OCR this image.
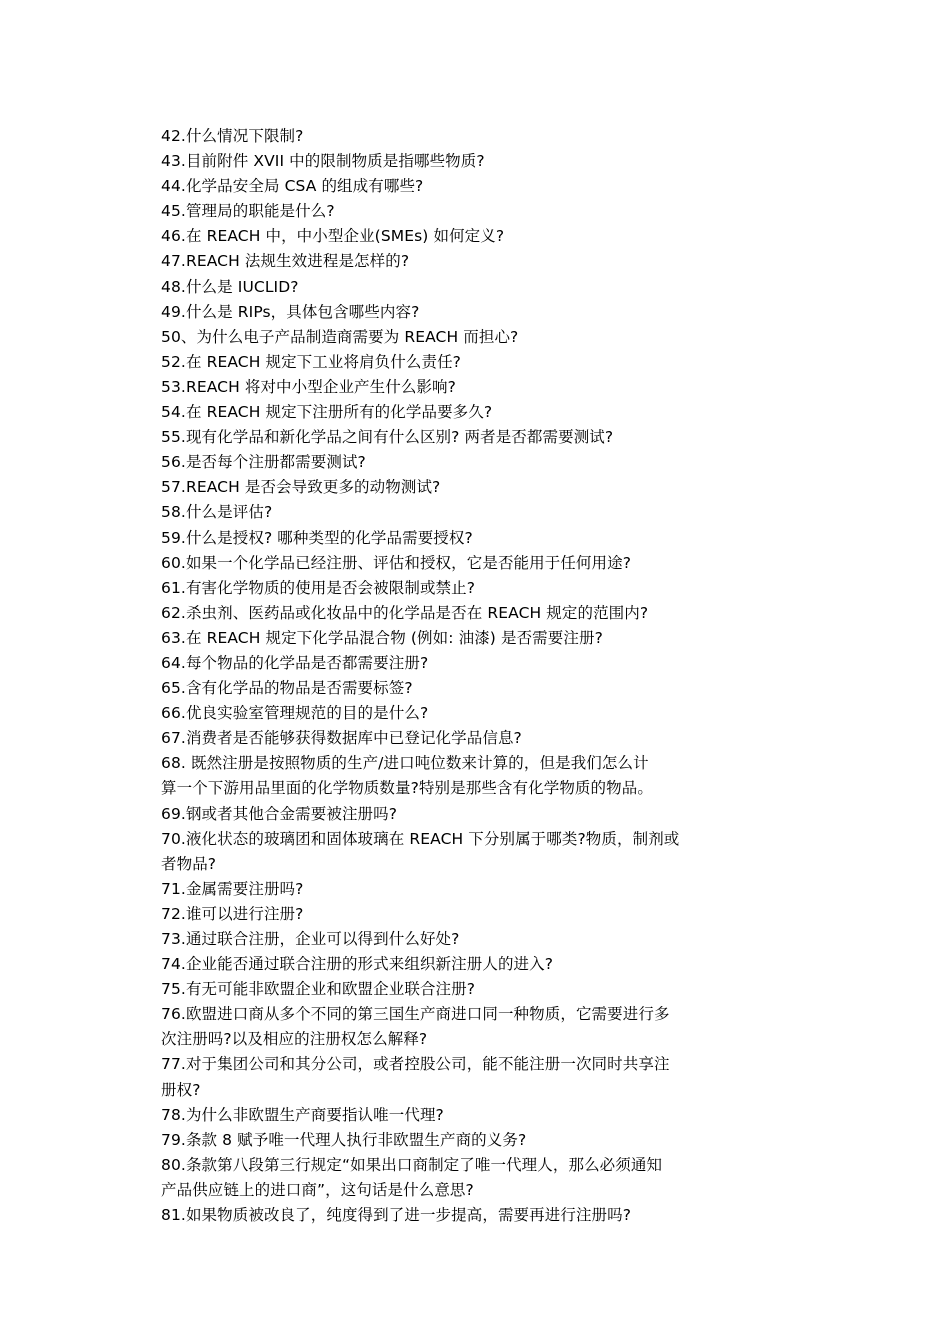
42.什么情况下限制?
43.目前附件 XVII 中的限制物质是指哪些物质?
44.化学品安全局 CSA 的组成有哪些?
45.管理局的职能是什么?
46.在 REACH 中，中小型企业(SMEs) 如何定义?
47.REACH 法规生效进程是怎样的?
48.什么是 IUCLID?
49.什么是 RIPs，具体包含哪些内容?
50、为什么电子产品制造商需要为 REACH 而担心?
52.在 REACH 规定下工业将肩负什么责任?
53.REACH 将对中小型企业产生什么影响?
54.在 REACH 规定下注册所有的化学品要多久?
55.现有化学品和新化学品之间有什么区别? 两者是否都需要测试?
56.是否每个注册都需要测试?
57.REACH 是否会导致更多的动物测试?
58.什么是评估?
59.什么是授权? 哪种类型的化学品需要授权?
60.如果一个化学品已经注册、评估和授权，它是否能用于任何用途?
61.有害化学物质的使用是否会被限制或禁止?
62.杀虫剂、医药品或化妆品中的化学品是否在 REACH 规定的范围内?
63.在 REACH 规定下化学品混合物 (例如: 油漆) 是否需要注册?
64.每个物品的化学品是否都需要注册?
65.含有化学品的物品是否需要标签?
66.优良实验室管理规范的目的是什么?
67.消费者是否能够获得数据库中已登记化学品信息?
68. 既然注册是按照物质的生产/进口吨位数来计算的，但是我们怎么计
算一个下游用品里面的化学物质数量?特别是那些含有化学物质的物品。
69.钢或者其他合金需要被注册吗?
70.液化状态的玻璃团和固体玻璃在 REACH 下分别属于哪类?物质，制剂或
者物品?
71.金属需要注册吗?
72.谁可以进行注册?
73.通过联合注册，企业可以得到什么好处?
74.企业能否通过联合注册的形式来组织新注册人的进入?
75.有无可能非欧盟企业和欧盟企业联合注册?
76.欧盟进口商从多个不同的第三国生产商进口同一种物质，它需要进行多
次注册吗?以及相应的注册权怎么解释?
77.对于集团公司和其分公司，或者控股公司，能不能注册一次同时共享注
册权?
78.为什么非欧盟生产商要指认唯一代理?
79.条款 8 赋予唯一代理人执行非欧盟生产商的义务?
80.条款第八段第三行规定“如果出口商制定了唯一代理人，那么必须通知
产品供应链上的进口商”，这句话是什么意思?
81.如果物质被改良了，纯度得到了进一步提高，需要再进行注册吗?
